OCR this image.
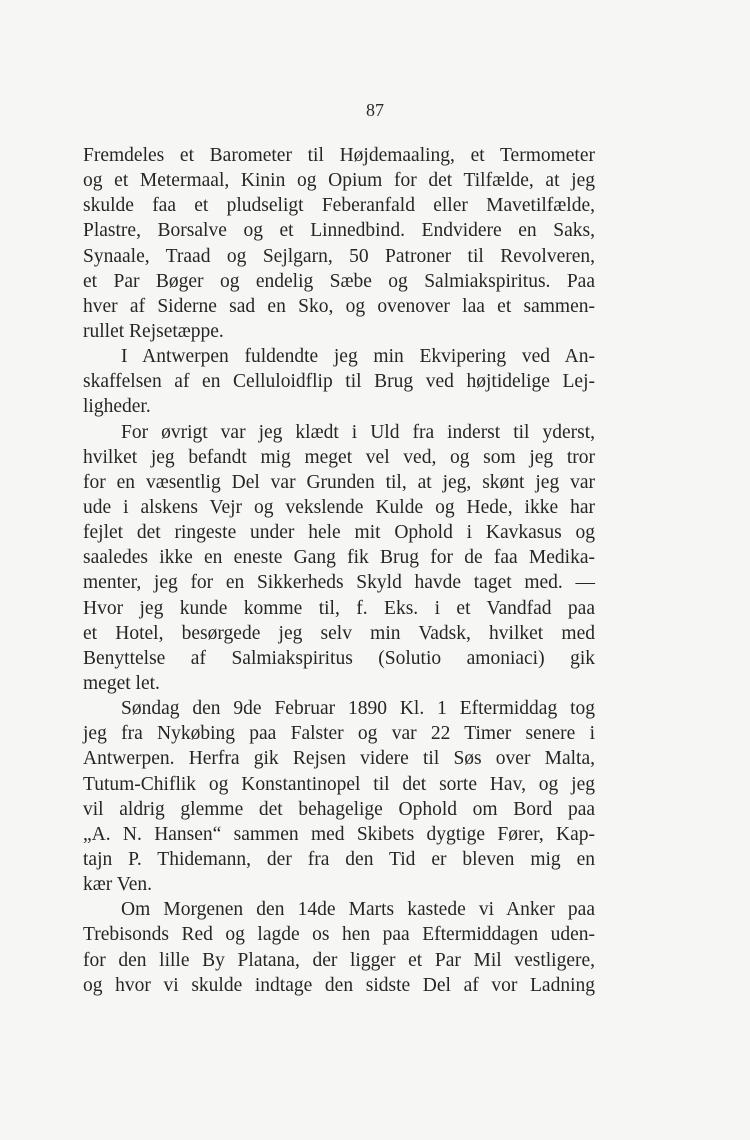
87
Fremdeles et Barometer til Højdemaaling, et Termometer
og et Metermaal, Kinin og Opium for det Tilfælde, at jeg
skulde faa et pludseligt Feberanfald eller Mavetilfælde,
Plastre, Borsalve og et Linnedbind. Endvidere en Saks,
Synaale, Traad og Sejlgarn, 50 Patroner til Revolveren,
et Par Bøger og endelig Sæbe og Salmiakspiritus. Paa
hver af Siderne sad en Sko, og ovenover laa et sammen-
rullet Rejsetæppe.
I Antwerpen fuldendte jeg min Ekvipering ved An-
skaffelsen af en Celluloidflip til Brug ved højtidelige Lej-
ligheder.
For øvrigt var jeg klædt i Uld fra inderst til yderst,
hvilket jeg befandt mig meget vel ved, og som jeg tror
for en væsentlig Del var Grunden til, at jeg, skønt jeg var
ude i alskens Vejr og vekslende Kulde og Hede, ikke har
fejlet det ringeste under hele mit Ophold i Kavkasus og
saaledes ikke en eneste Gang fik Brug for de faa Medika-
menter, jeg for en Sikkerheds Skyld havde taget med. —
Hvor jeg kunde komme til, f. Eks. i et Vandfad paa
et Hotel, besørgede jeg selv min Vadsk, hvilket med
Benyttelse af Salmiakspiritus (Solutio amoniaci) gik
meget let.
Søndag den 9de Februar 1890 Kl. 1 Eftermiddag tog
jeg fra Nykøbing paa Falster og var 22 Timer senere i
Antwerpen. Herfra gik Rejsen videre til Søs over Malta,
Tutum-Chiflik og Konstantinopel til det sorte Hav, og jeg
vil aldrig glemme det behagelige Ophold om Bord paa
„A. N. Hansen“ sammen med Skibets dygtige Fører, Kap-
tajn P. Thidemann, der fra den Tid er bleven mig en
kær Ven.
Om Morgenen den 14de Marts kastede vi Anker paa
Trebisonds Red og lagde os hen paa Eftermiddagen uden-
for den lille By Platana, der ligger et Par Mil vestligere,
og hvor vi skulde indtage den sidste Del af vor Ladning
